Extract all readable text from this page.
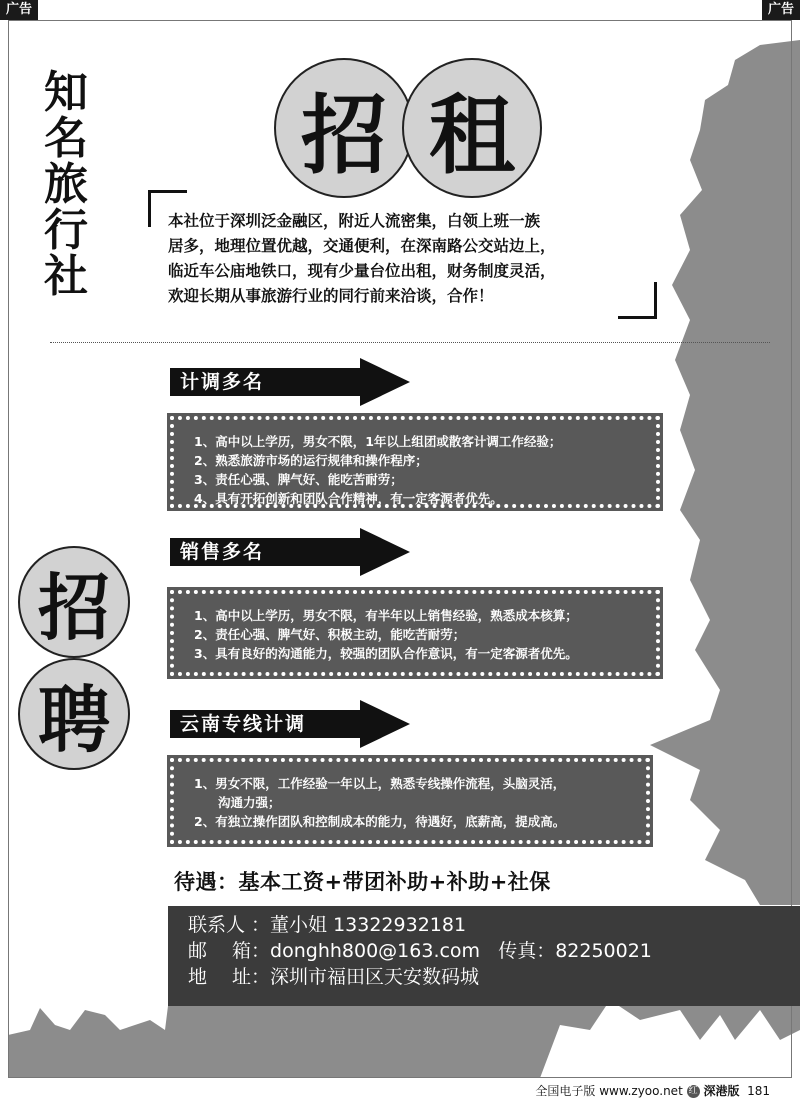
广告	广告
知
名
旅
行
社
招 租

本社位于深圳泛金融区，附近人流密集，白领上班一族

居多，地理位置优越，交通便利，在深南路公交站边上，

临近车公庙地铁口，现有少量台位出租，财务制度灵活，

欢迎长期从事旅游行业的同行前来洽谈，合作！

招
聘
计调多名

1、高中以上学历，男女不限，1年以上组团或散客计调工作经验；

2、熟悉旅游市场的运行规律和操作程序；

3、责任心强、脾气好、能吃苦耐劳；

4、具有开拓创新和团队合作精神，有一定客源者优先。

销售多名

1、高中以上学历，男女不限，有半年以上销售经验，熟悉成本核算；

2、责任心强、脾气好、积极主动，能吃苦耐劳；

3、具有良好的沟通能力，较强的团队合作意识，有一定客源者优先。

云南专线计调

1、男女不限，工作经验一年以上，熟悉专线操作流程，头脑灵活，

沟通力强；

2、有独立操作团队和控制成本的能力，待遇好，底薪高，提成高。

待遇：基本工资+带团补助+补助+社保

联系人 ：董小姐 13322932181

邮　 箱：donghh800@163.com 传真：82250021

地　 址：深圳市福田区天安数码城

全国电子版 www.zyoo.net 红 深港版 181
